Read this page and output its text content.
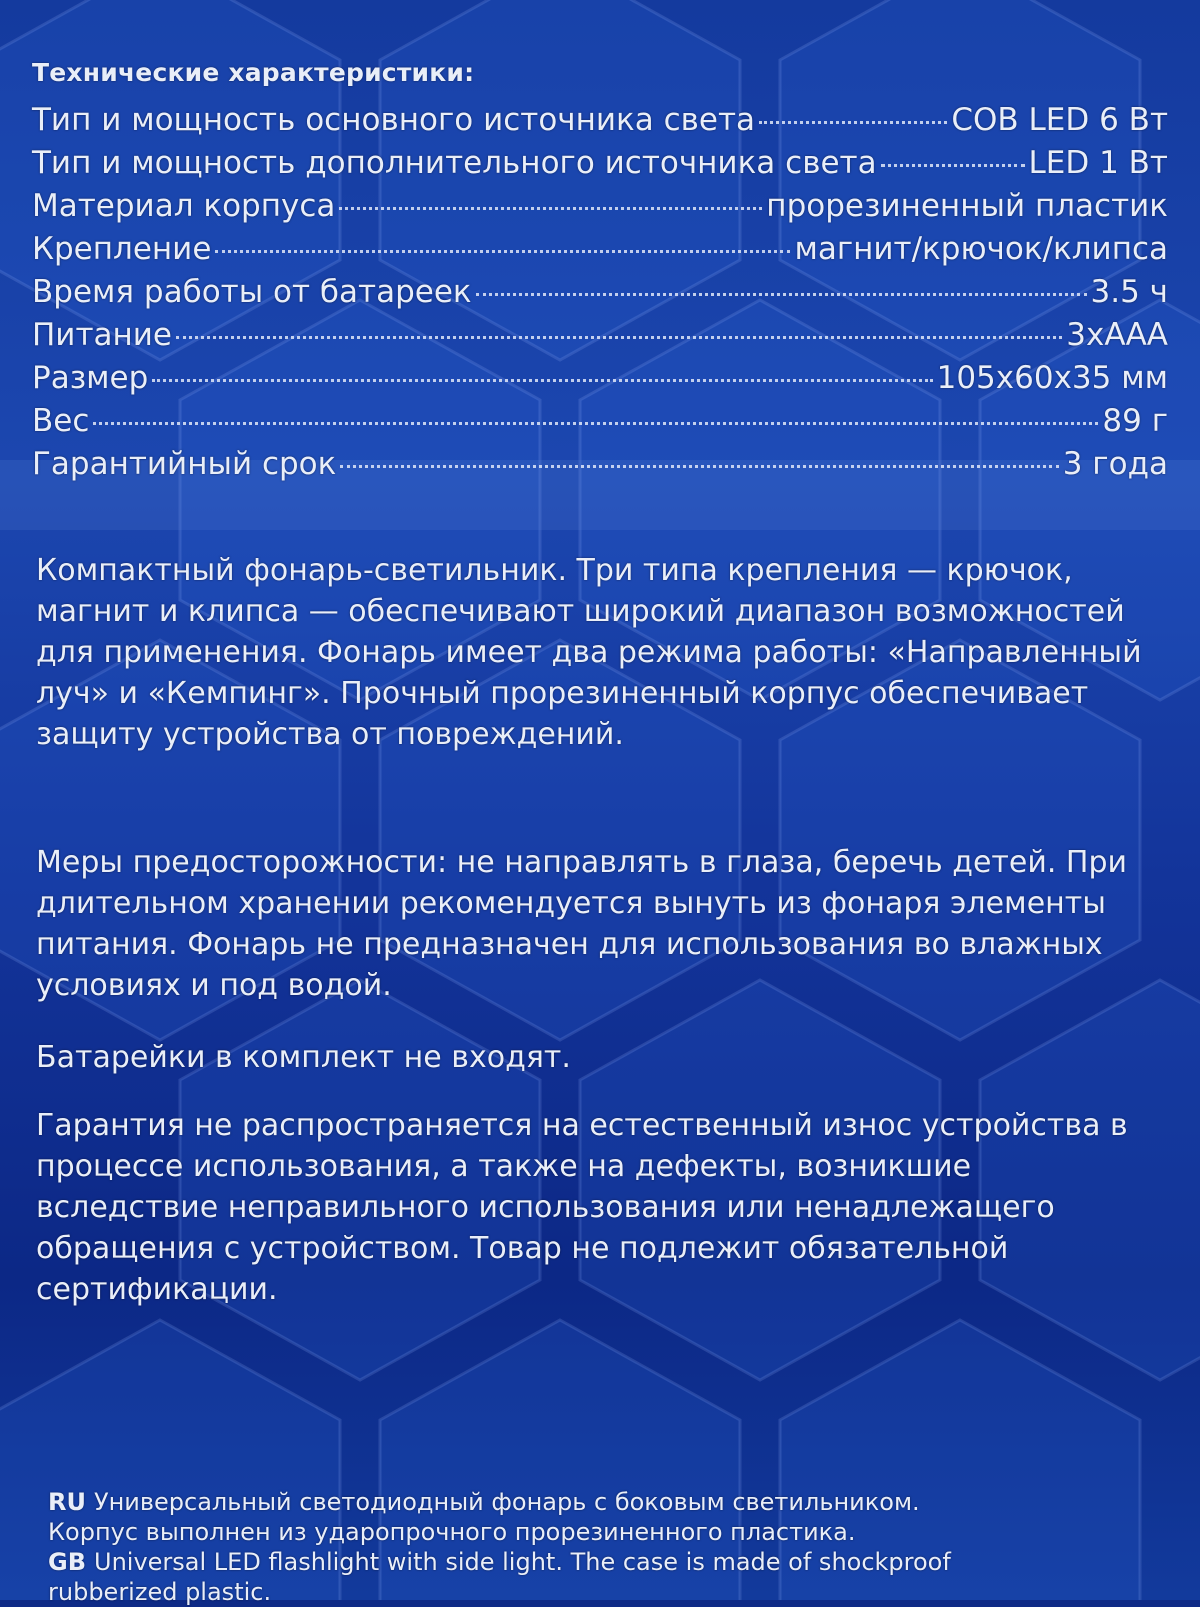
Технические характеристики:
Тип и мощность основного источника света	COB LED 6 Вт
Тип и мощность дополнительного источника света	LED 1 Вт
Материал корпуса	прорезиненный пластик
Крепление	магнит/крючок/клипса
Время работы от батареек	3.5 ч
Питание	3хААА
Размер	105х60х35 мм
Вес	89 г
Гарантийный срок	3 года

Компактный фонарь-светильник. Три типа крепления — крючок, магнит и клипса — обеспечивают широкий диапазон возможностей для применения. Фонарь имеет два режима работы: «Направленный луч» и «Кемпинг». Прочный прорезиненный корпус обеспечивает защиту устройства от повреждений.

Меры предосторожности: не направлять в глаза, беречь детей. При длительном хранении рекомендуется вынуть из фонаря элементы питания. Фонарь не предназначен для использования во влажных условиях и под водой.

Батарейки в комплект не входят.

Гарантия не распространяется на естественный износ устройства в процессе использования, а также на дефекты, возникшие вследствие неправильного использования или ненадлежащего обращения с устройством. Товар не подлежит обязательной сертификации.

RU Универсальный светодиодный фонарь с боковым светильником.
Корпус выполнен из ударопрочного прорезиненного пластика.
GB Universal LED flashlight with side light. The case is made of shockproof
rubberized plastic.
